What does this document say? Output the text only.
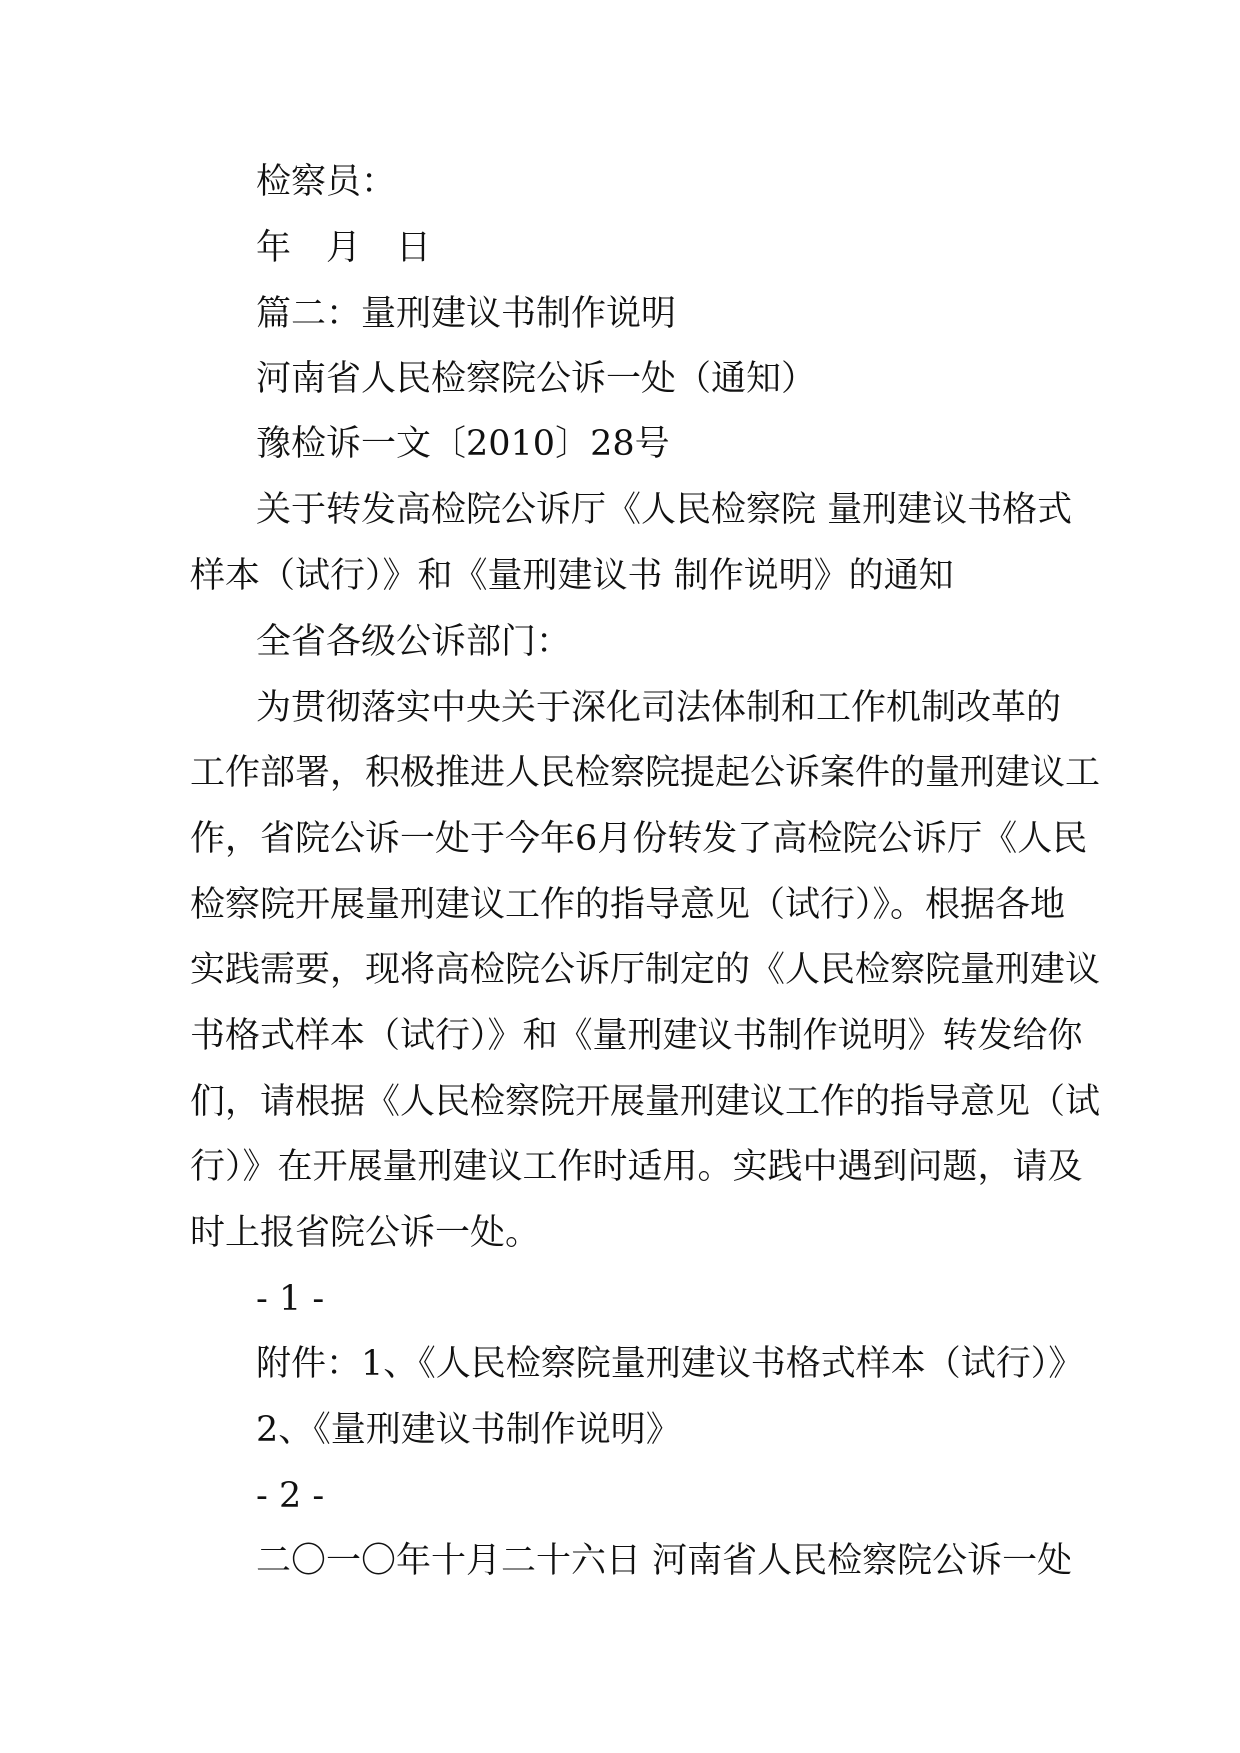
检察员：
年　月　日
篇二：量刑建议书制作说明
河南省人民检察院公诉一处（通知）
豫检诉一文〔2010〕28号
关于转发高检院公诉厅《人民检察院 量刑建议书格式
样本（试行）》和《量刑建议书 制作说明》的通知
全省各级公诉部门：
为贯彻落实中央关于深化司法体制和工作机制改革的
工作部署，积极推进人民检察院提起公诉案件的量刑建议工
作，省院公诉一处于今年6月份转发了高检院公诉厅《人民
检察院开展量刑建议工作的指导意见（试行）》。根据各地
实践需要，现将高检院公诉厅制定的《人民检察院量刑建议
书格式样本（试行）》和《量刑建议书制作说明》转发给你
们，请根据《人民检察院开展量刑建议工作的指导意见（试
行）》在开展量刑建议工作时适用。实践中遇到问题，请及
时上报省院公诉一处。
- 1 -
附件：1、《人民检察院量刑建议书格式样本（试行）》
2、《量刑建议书制作说明》
- 2 -
二〇一〇年十月二十六日 河南省人民检察院公诉一处
